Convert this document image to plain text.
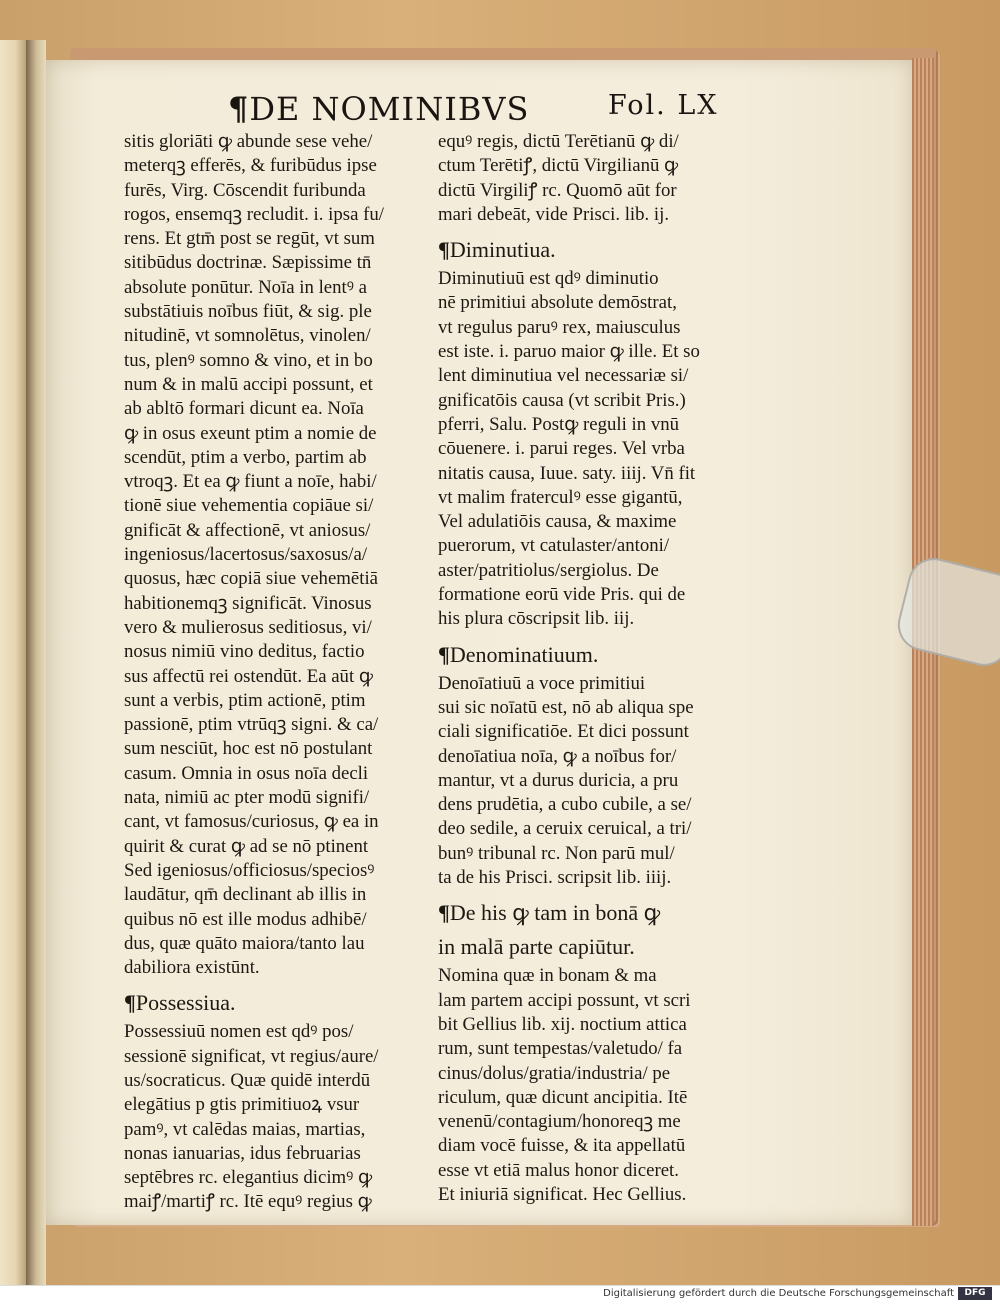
¶DE NOMINIBVS	Fol. LX
sitis gloriāti ꝙ abunde sese vehe/
meterqꝫ efferēs, & furibūdus ipse
furēs, Virg. Cōscendit furibunda
rogos, ensemqꝫ recludit. i. ipsa fu/
rens. Et gtm̄ post se regūt, vt sum
sitibūdus doctrinæ. Sæpissime tn̄
absolute ponūtur. Noīa in lentꝰ a
substātiuis noībus fiūt, & sig. ple
nitudinē, vt somnolētus, vinolen/
tus, plenꝰ somno & vino, et in bo
num & in malū accipi possunt, et
ab abltō formari dicunt ea. Noīa
ꝙ in osus exeunt ptim a nomie de
scendūt, ptim a verbo, partim ab
vtroqꝫ. Et ea ꝙ fiunt a noīe, habi/
tionē siue vehementia copiāue si/
gnificāt & affectionē, vt aniosus/
ingeniosus/lacertosus/saxosus/a/
quosus, hæc copiā siue vehemētiā
habitionemqꝫ significāt. Vinosus
vero & mulierosus seditiosus, vi/
nosus nimiū vino deditus, factio
sus affectū rei ostendūt. Ea aūt ꝙ
sunt a verbis, ptim actionē, ptim
passionē, ptim vtrūqꝫ signi. & ca/
sum nesciūt, hoc est nō postulant
casum. Omnia in osus noīa decli
nata, nimiū ac pter modū signifi/
cant, vt famosus/curiosus, ꝙ ea in
quirit & curat ꝙ ad se nō ptinent
Sed igeniosus/officiosus/speciosꝰ
laudātur, qm̄ declinant ab illis in
quibus nō est ille modus adhibē/
dus, quæ quāto maiora/tanto lau
dabiliora existūnt.
¶Possessiua.
Possessiuū nomen est qdꝰ pos/
sessionē significat, vt regius/aure/
us/socraticus. Quæ quidē interdū
elegātius p gtis primitiuoꝝ vsur
pamꝰ, vt calēdas maias, martias,
nonas ianuarias, idus februarias
septēbres rc. elegantius dicimꝰ ꝙ
maiꝭ/martiꝭ rc. Itē equꝰ regius ꝙ
equꝰ regis, dictū Terētianū ꝙ di/
ctum Terētiꝭ, dictū Virgilianū ꝙ
dictū Virgiliꝭ rc. Quomō aūt for
mari debeāt, vide Prisci. lib. ij.
¶Diminutiua.
Diminutiuū est qdꝰ diminutio
nē primitiui absolute demōstrat,
vt regulus paruꝰ rex, maiusculus
est iste. i. paruo maior ꝙ ille. Et so
lent diminutiua vel necessariæ si/
gnificatōis causa (vt scribit Pris.)
pferri, Salu. Postꝙ reguli in vnū
cōuenere. i. parui reges. Vel vrba
nitatis causa, Iuue. saty. iiij. Vn̄ fit
vt malim fraterculꝰ esse gigantū,
Vel adulatiōis causa, & maxime
puerorum, vt catulaster/antoni/
aster/patritiolus/sergiolus. De
formatione eorū vide Pris. qui de
his plura cōscripsit lib. iij.
¶Denominatiuum.
Denoīatiuū a voce primitiui
sui sic noīatū est, nō ab aliqua spe
ciali significatiōe. Et dici possunt
denoīatiua noīa, ꝙ a noībus for/
mantur, vt a durus duricia, a pru
dens prudētia, a cubo cubile, a se/
deo sedile, a ceruix ceruical, a tri/
bunꝰ tribunal rc. Non parū mul/
ta de his Prisci. scripsit lib. iiij.
¶De his ꝙ tam in bonā ꝙ
in malā parte capiūtur.
Nomina quæ in bonam & ma
lam partem accipi possunt, vt scri
bit Gellius lib. xij. noctium attica
rum, sunt tempestas/valetudo/ fa
cinus/dolus/gratia/industria/ pe
riculum, quæ dicunt ancipitia. Itē
venenū/contagium/honoreqꝫ me
diam vocē fuisse, & ita appellatū
esse vt etiā malus honor diceret.
Et iniuriā significat. Hec Gellius.
Digitalisierung gefördert durch die Deutsche Forschungsgemeinschaft	DFG
